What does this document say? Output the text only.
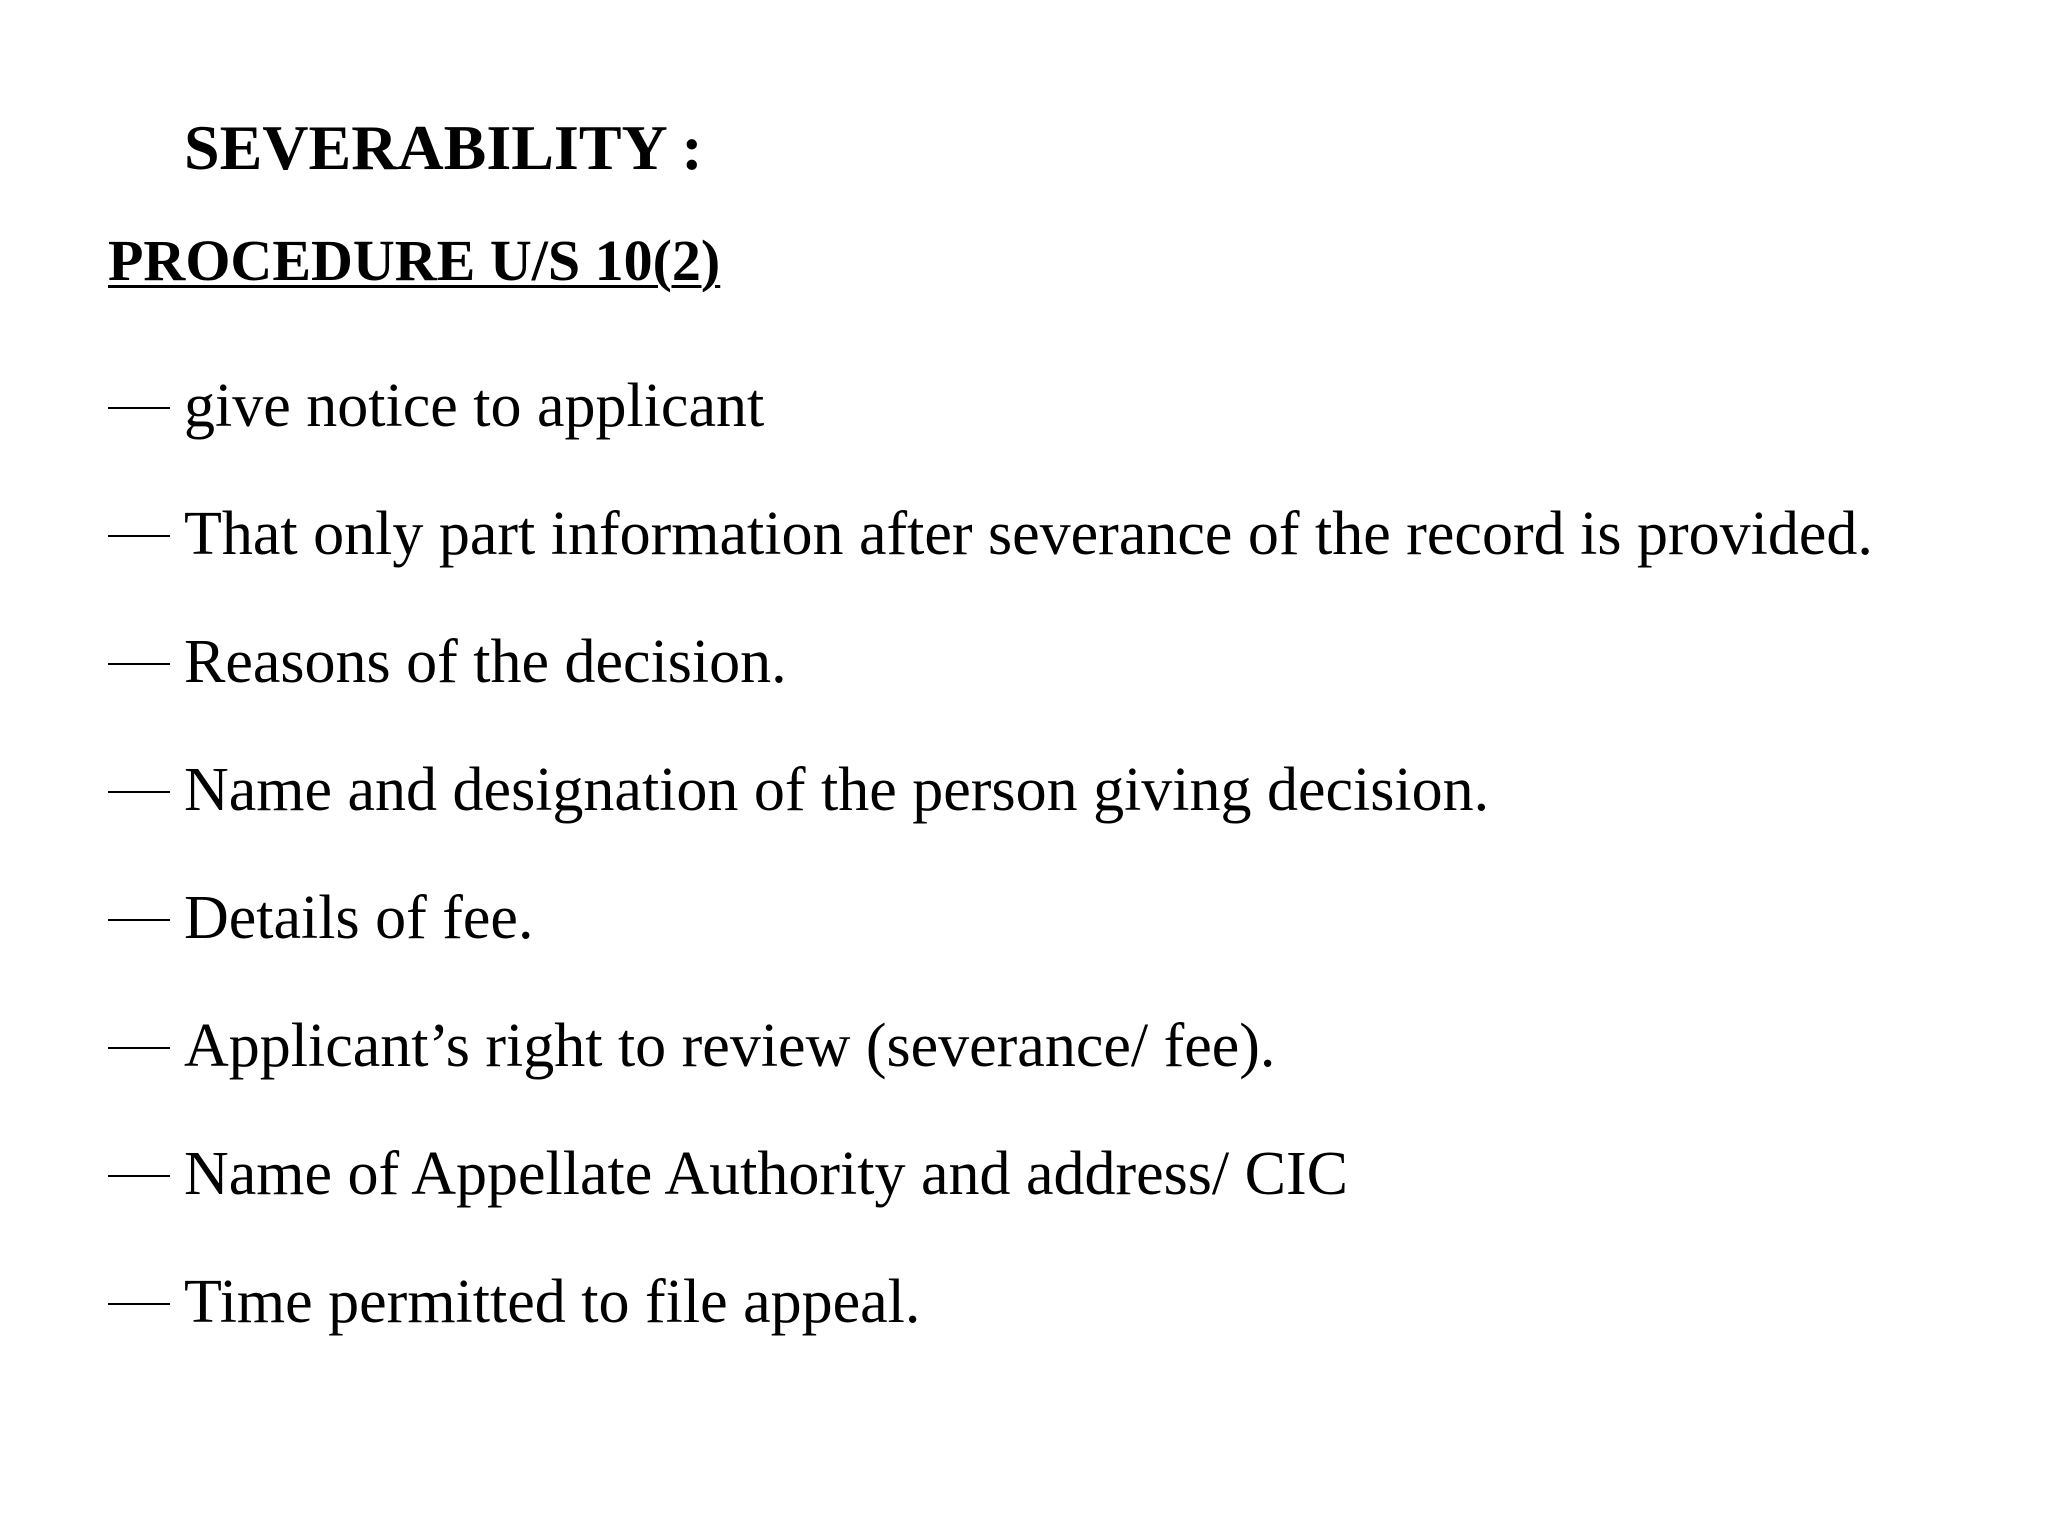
SEVERABILITY :
PROCEDURE U/S 10(2)
give notice to applicant
That only part information after severance of the record is provided.
Reasons of the decision.
Name and designation of the person giving decision.
Details of fee.
Applicant’s right to review (severance/ fee).
Name of Appellate Authority and address/ CIC
Time permitted to file appeal.
